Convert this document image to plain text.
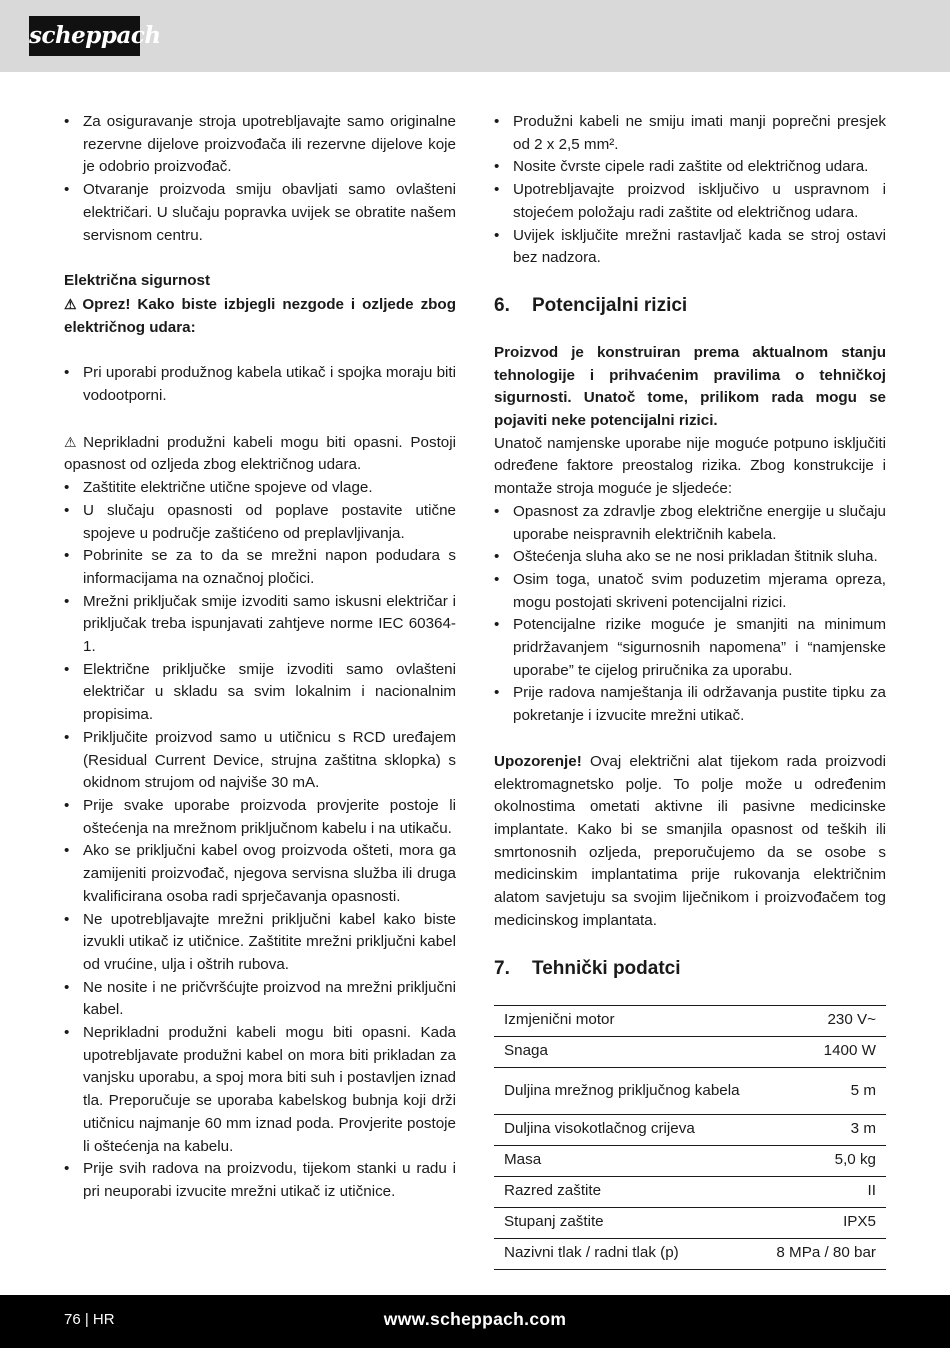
scheppach
• Za osiguravanje stroja upotrebljavajte samo originalne rezervne dijelove proizvođača ili rezervne dijelove koje je odobrio proizvođač.
• Otvaranje proizvoda smiju obavljati samo ovlašteni električari. U slučaju popravka uvijek se obratite našem servisnom centru.

Električna sigurnost

⚠ Oprez! Kako biste izbjegli nezgode i ozljede zbog električnog udara:

• Pri uporabi produžnog kabela utikač i spojka moraju biti vodootporni.

⚠ Neprikladni produžni kabeli mogu biti opasni. Postoji opasnost od ozljeda zbog električnog udara.

• Zaštitite električne utične spojeve od vlage.
• U slučaju opasnosti od poplave postavite utične spojeve u područje zaštićeno od preplavljivanja.
• Pobrinite se za to da se mrežni napon podudara s informacijama na označnoj pločici.
• Mrežni priključak smije izvoditi samo iskusni električar i priključak treba ispunjavati zahtjeve norme IEC 60364-1.
• Električne priključke smije izvoditi samo ovlašteni električar u skladu sa svim lokalnim i nacionalnim propisima.
• Priključite proizvod samo u utičnicu s RCD uređajem (Residual Current Device, strujna zaštitna sklopka) s okidnom strujom od najviše 30 mA.
• Prije svake uporabe proizvoda provjerite postoje li oštećenja na mrežnom priključnom kabelu i na utikaču.
• Ako se priključni kabel ovog proizvoda ošteti, mora ga zamijeniti proizvođač, njegova servisna služba ili druga kvalificirana osoba radi sprječavanja opasnosti.
• Ne upotrebljavajte mrežni priključni kabel kako biste izvukli utikač iz utičnice. Zaštitite mrežni priključni kabel od vrućine, ulja i oštrih rubova.
• Ne nosite i ne pričvršćujte proizvod na mrežni priključni kabel.
• Neprikladni produžni kabeli mogu biti opasni. Kada upotrebljavate produžni kabel on mora biti prikladan za vanjsku uporabu, a spoj mora biti suh i postavljen iznad tla. Preporučuje se uporaba kabelskog bubnja koji drži utičnicu najmanje 60 mm iznad poda. Provjerite postoje li oštećenja na kabelu.
• Prije svih radova na proizvodu, tijekom stanki u radu i pri neuporabi izvucite mrežni utikač iz utičnice.
• Produžni kabeli ne smiju imati manji poprečni presjek od 2 x 2,5 mm².
• Nosite čvrste cipele radi zaštite od električnog udara.
• Upotrebljavajte proizvod isključivo u uspravnom i stojećem položaju radi zaštite od električnog udara.
• Uvijek isključite mrežni rastavljač kada se stroj ostavi bez nadzora.

6. Potencijalni rizici

Proizvod je konstruiran prema aktualnom stanju tehnologije i prihvaćenim pravilima o tehničkoj sigurnosti. Unatoč tome, prilikom rada mogu se pojaviti neke potencijalni rizici.

Unatoč namjenske uporabe nije moguće potpuno isključiti određene faktore preostalog rizika. Zbog konstrukcije i montaže stroja moguće je sljedeće:

• Opasnost za zdravlje zbog električne energije u slučaju uporabe neispravnih električnih kabela.
• Oštećenja sluha ako se ne nosi prikladan štitnik sluha.
• Osim toga, unatoč svim poduzetim mjerama opreza, mogu postojati skriveni potencijalni rizici.
• Potencijalne rizike moguće je smanjiti na minimum pridržavanjem “sigurnosnih napomena” i “namjenske uporabe” te cijelog priručnika za uporabu.
• Prije radova namještanja ili održavanja pustite tipku za pokretanje i izvucite mrežni utikač.

Upozorenje! Ovaj električni alat tijekom rada proizvodi elektromagnetsko polje. To polje može u određenim okolnostima ometati aktivne ili pasivne medicinske implantate. Kako bi se smanjila opasnost od teških ili smrtonosnih ozljeda, preporučujemo da se osobe s medicinskim implantatima prije rukovanja električnim alatom savjetuju sa svojim liječnikom i proizvođačem tog medicinskog implantata.

7. Tehnički podatci

Izmjenični motor	230 V~
Snaga	1400 W
Duljina mrežnog priključnog kabela	5 m
Duljina visokotlačnog crijeva	3 m
Masa	5,0 kg
Razred zaštite	II
Stupanj zaštite	IPX5
Nazivni tlak / radni tlak (p)	8 MPa / 80 bar
76 | HR	www.scheppach.com
